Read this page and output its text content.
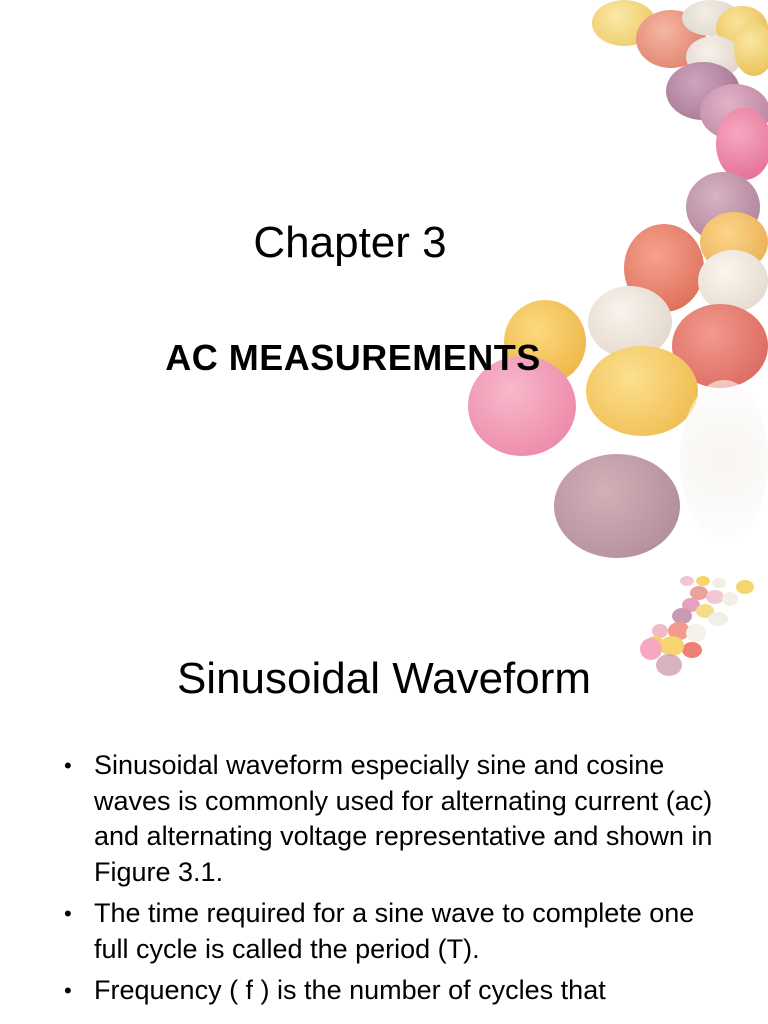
Chapter 3
AC MEASUREMENTS
Sinusoidal Waveform
• Sinusoidal waveform especially sine and cosine waves is commonly used for alternating current (ac) and alternating voltage representative and shown in Figure 3.1.
• The time required for a sine wave to complete one full cycle is called the period (T).
• Frequency ( f ) is the number of cycles that
